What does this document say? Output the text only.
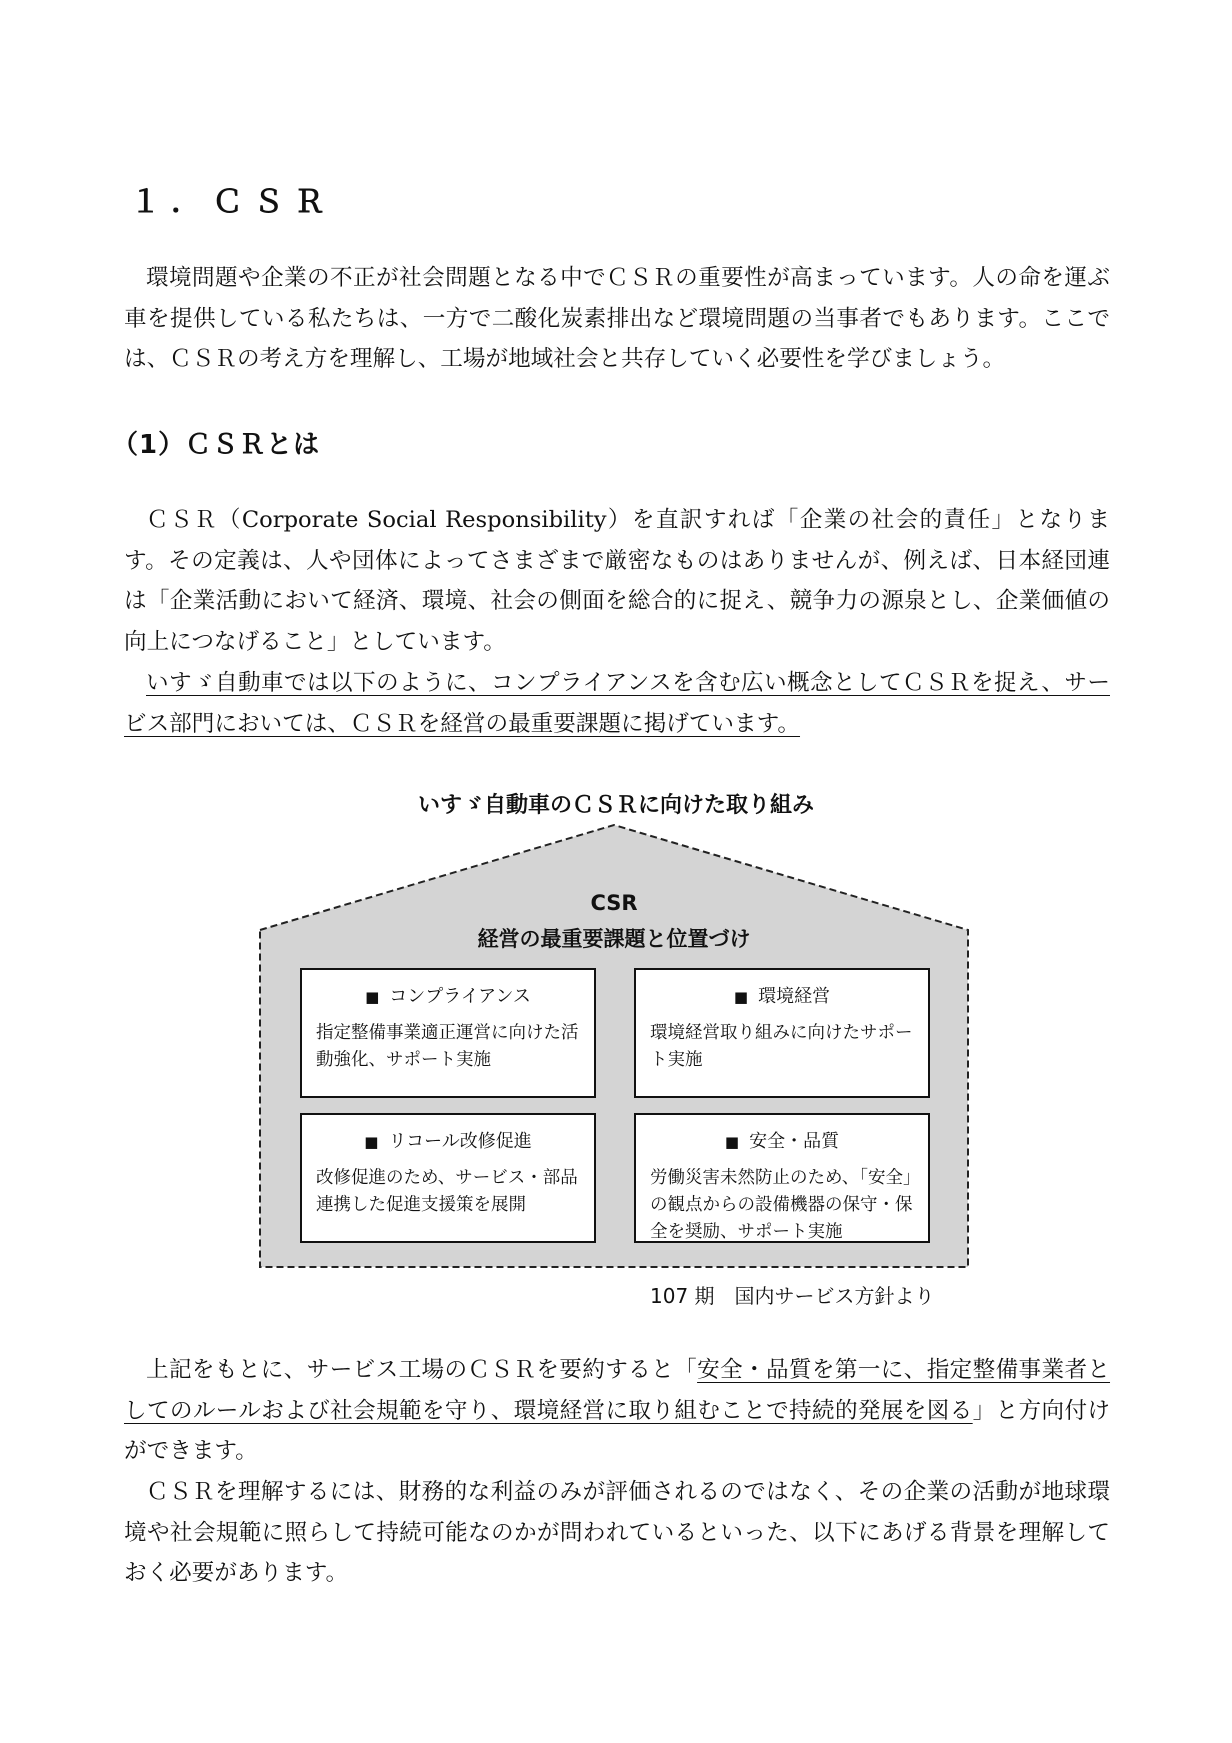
１．ＣＳＲ

環境問題や企業の不正が社会問題となる中でＣＳＲの重要性が高まっています。人の命を運ぶ車を提供している私たちは、一方で二酸化炭素排出など環境問題の当事者でもあります。ここでは、ＣＳＲの考え方を理解し、工場が地域社会と共存していく必要性を学びましょう。

（1）ＣＳＲとは

ＣＳＲ（Corporate Social Responsibility）を直訳すれば「企業の社会的責任」となります。その定義は、人や団体によってさまざまで厳密なものはありませんが、例えば、日本経団連は「企業活動において経済、環境、社会の側面を総合的に捉え、競争力の源泉とし、企業価値の向上につなげること」としています。

いすゞ自動車では以下のように、コンプライアンスを含む広い概念としてＣＳＲを捉え、サービス部門においては、ＣＳＲを経営の最重要課題に掲げています。

いすゞ自動車のＣＳＲに向けた取り組み

CSR
経営の最重要課題と位置づけ

■ コンプライアンス

指定整備事業適正運営に向けた活動強化、サポート実施

■ 環境経営

環境経営取り組みに向けたサポート実施

■ リコール改修促進

改修促進のため、サービス・部品連携した促進支援策を展開

■ 安全・品質

労働災害未然防止のため、「安全」の観点からの設備機器の保守・保全を奨励、サポート実施

107 期　国内サービス方針より

上記をもとに、サービス工場のＣＳＲを要約すると「安全・品質を第一に、指定整備事業者としてのルールおよび社会規範を守り、環境経営に取り組むことで持続的発展を図る」と方向付けができます。

ＣＳＲを理解するには、財務的な利益のみが評価されるのではなく、その企業の活動が地球環境や社会規範に照らして持続可能なのかが問われているといった、以下にあげる背景を理解しておく必要があります。
